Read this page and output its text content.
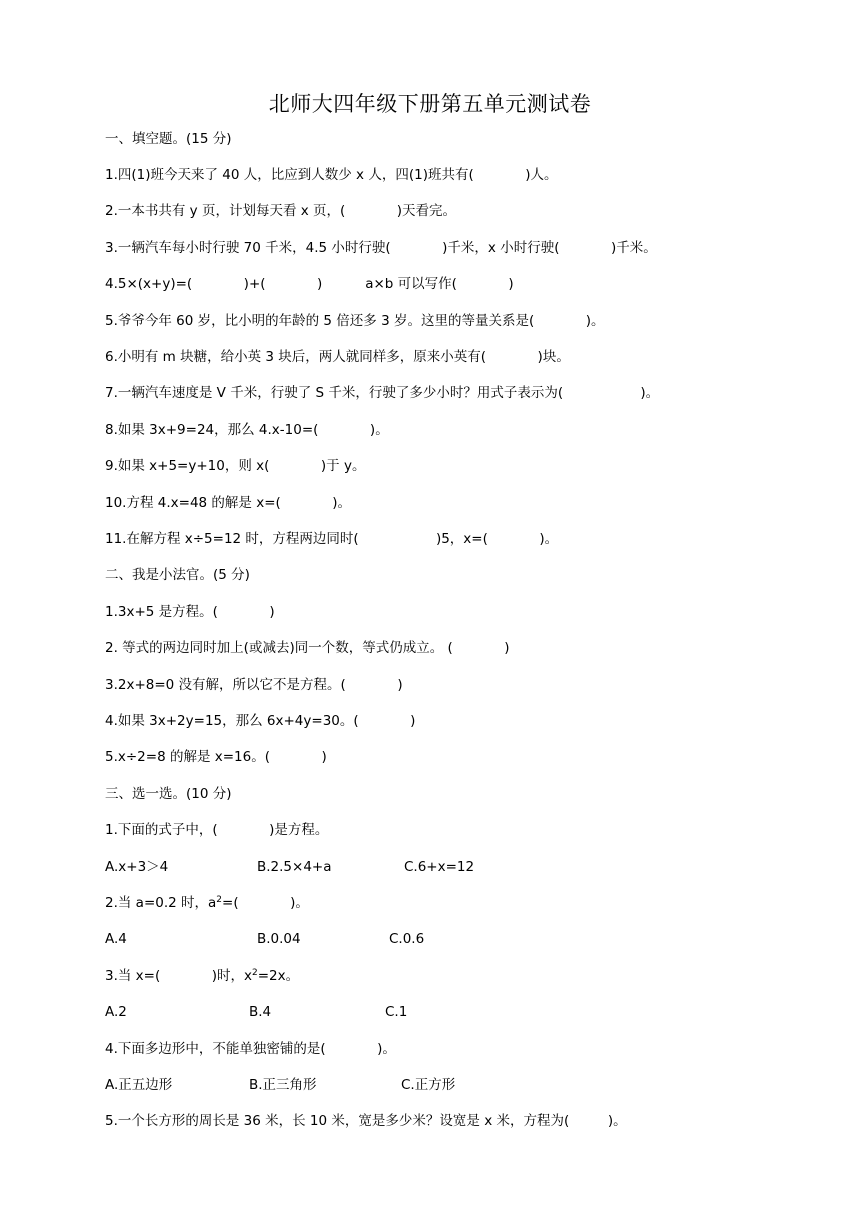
北师大四年级下册第五单元测试卷
一、填空题。(15 分)
1.四(1)班今天来了 40 人，比应到人数少 x 人，四(1)班共有(            )人。
2.一本书共有 y 页，计划每天看 x 页，(            )天看完。
3.一辆汽车每小时行驶 70 千米，4.5 小时行驶(            )千米，x 小时行驶(            )千米。
4.5×(x+y)=(            )+(            )          a×b 可以写作(            )
5.爷爷今年 60 岁，比小明的年龄的 5 倍还多 3 岁。这里的等量关系是(            )。
6.小明有 m 块糖，给小英 3 块后，两人就同样多，原来小英有(            )块。
7.一辆汽车速度是 V 千米，行驶了 S 千米，行驶了多少小时？用式子表示为(                  )。
8.如果 3x+9=24，那么 4.x-10=(            )。
9.如果 x+5=y+10，则 x(            )于 y。
10.方程 4.x=48 的解是 x=(            )。
11.在解方程 x÷5=12 时，方程两边同时(                  )5，x=(            )。
二、我是小法官。(5 分)
1.3x+5 是方程。(            )
2. 等式的两边同时加上(或减去)同一个数，等式仍成立。 (            )
3.2x+8=0 没有解，所以它不是方程。(            )
4.如果 3x+2y=15，那么 6x+4y=30。(            )
5.x÷2=8 的解是 x=16。(            )
三、选一选。(10 分)
1.下面的式子中，(            )是方程。
A.x+3＞4	B.2.5×4+a	C.6+x=12
2.当 a=0.2 时，$a^2=$(            )。
A.4	B.0.04	C.0.6
3.当 x=(            )时，$x^2=2x$。
A.2	B.4	C.1
4.下面多边形中，不能单独密铺的是(            )。
A.正五边形	B.正三角形	C.正方形
5.一个长方形的周长是 36 米，长 10 米，宽是多少米？设宽是 x 米，方程为(         )。
